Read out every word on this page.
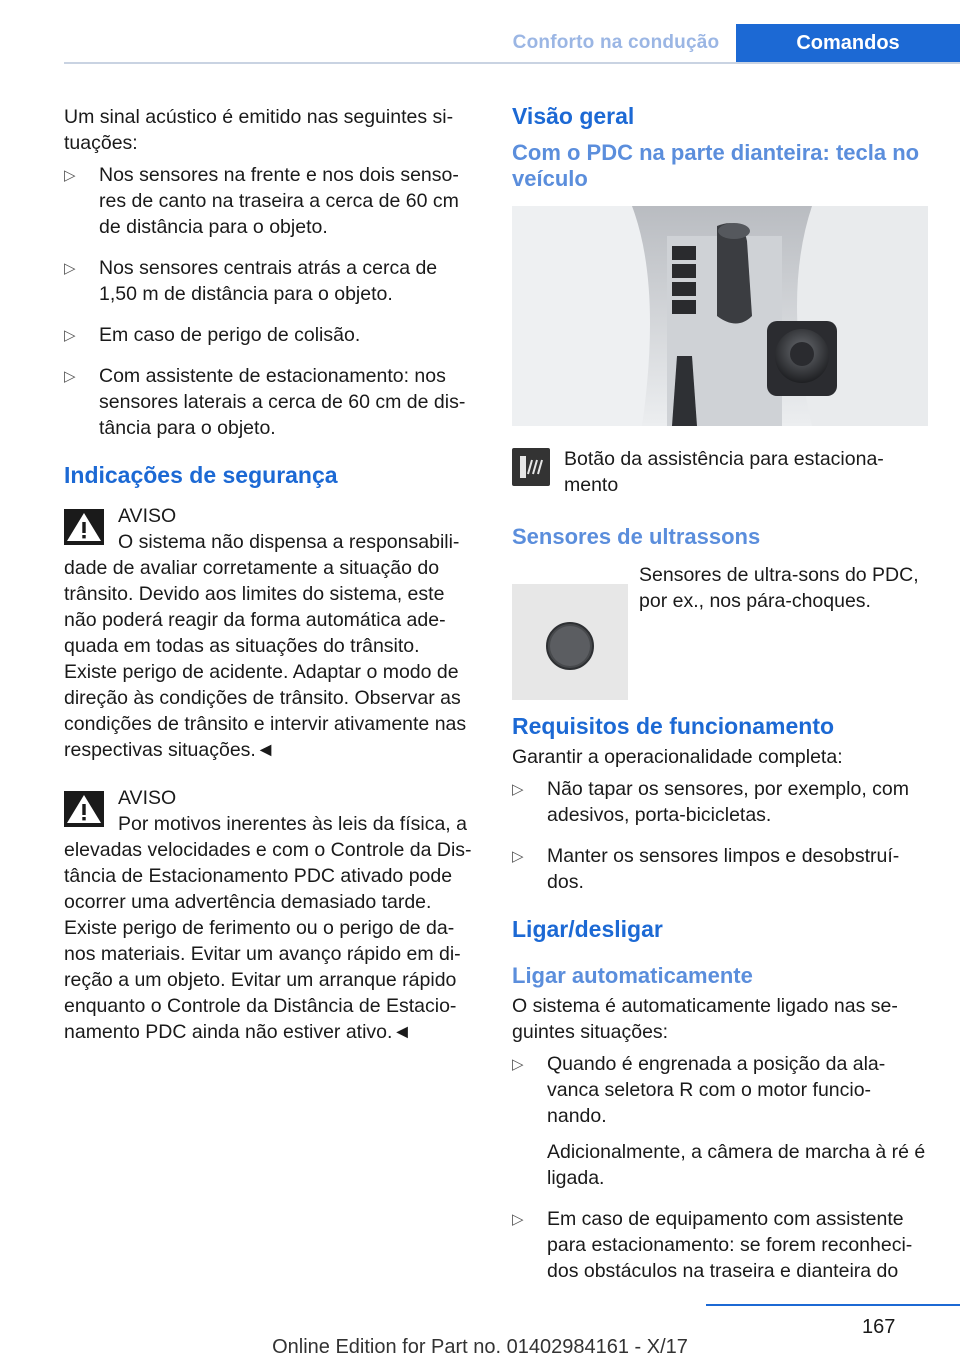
Conforto na condução	Comandos

Um sinal acústico é emitido nas seguintes si-tuações:

▷ Nos sensores na frente e nos dois senso-res de canto na traseira a cerca de 60 cm de distância para o objeto.
▷ Nos sensores centrais atrás a cerca de 1,50 m de distância para o objeto.
▷ Em caso de perigo de colisão.
▷ Com assistente de estacionamento: nos sensores laterais a cerca de 60 cm de dis-tância para o objeto.
Indicações de segurança
AVISO
O sistema não dispensa a responsabili-
dade de avaliar corretamente a situação do trânsito. Devido aos limites do sistema, este não poderá reagir da forma automática ade-quada em todas as situações do trânsito. Existe perigo de acidente. Adaptar o modo de direção às condições de trânsito. Observar as condições de trânsito e intervir ativamente nas respectivas situações.◄
AVISO
Por motivos inerentes às leis da física, a
elevadas velocidades e com o Controle da Dis-tância de Estacionamento PDC ativado pode ocorrer uma advertência demasiado tarde. Existe perigo de ferimento ou o perigo de da-nos materiais. Evitar um avanço rápido em di-reção a um objeto. Evitar um arranque rápido enquanto o Controle da Distância de Estacio-namento PDC ainda não estiver ativo.◄
Visão geral
Com o PDC na parte dianteira: tecla no veículo

Botão da assistência para estaciona-mento

Sensores de ultrassons

Sensores de ultra-sons do PDC, por ex., nos pára-choques.

Requisitos de funcionamento

Garantir a operacionalidade completa:

▷ Não tapar os sensores, por exemplo, com adesivos, porta-bicicletas.
▷ Manter os sensores limpos e desobstruí-dos.
Ligar/desligar
Ligar automaticamente

O sistema é automaticamente ligado nas se-guintes situações:

▷ Quando é engrenada a posição da ala-vanca seletora R com o motor funcio-nando.

Adicionalmente, a câmera de marcha à ré é ligada.

▷ Em caso de equipamento com assistente para estacionamento: se forem reconheci-dos obstáculos na traseira e dianteira do
167
Online Edition for Part no. 01402984161 - X/17
